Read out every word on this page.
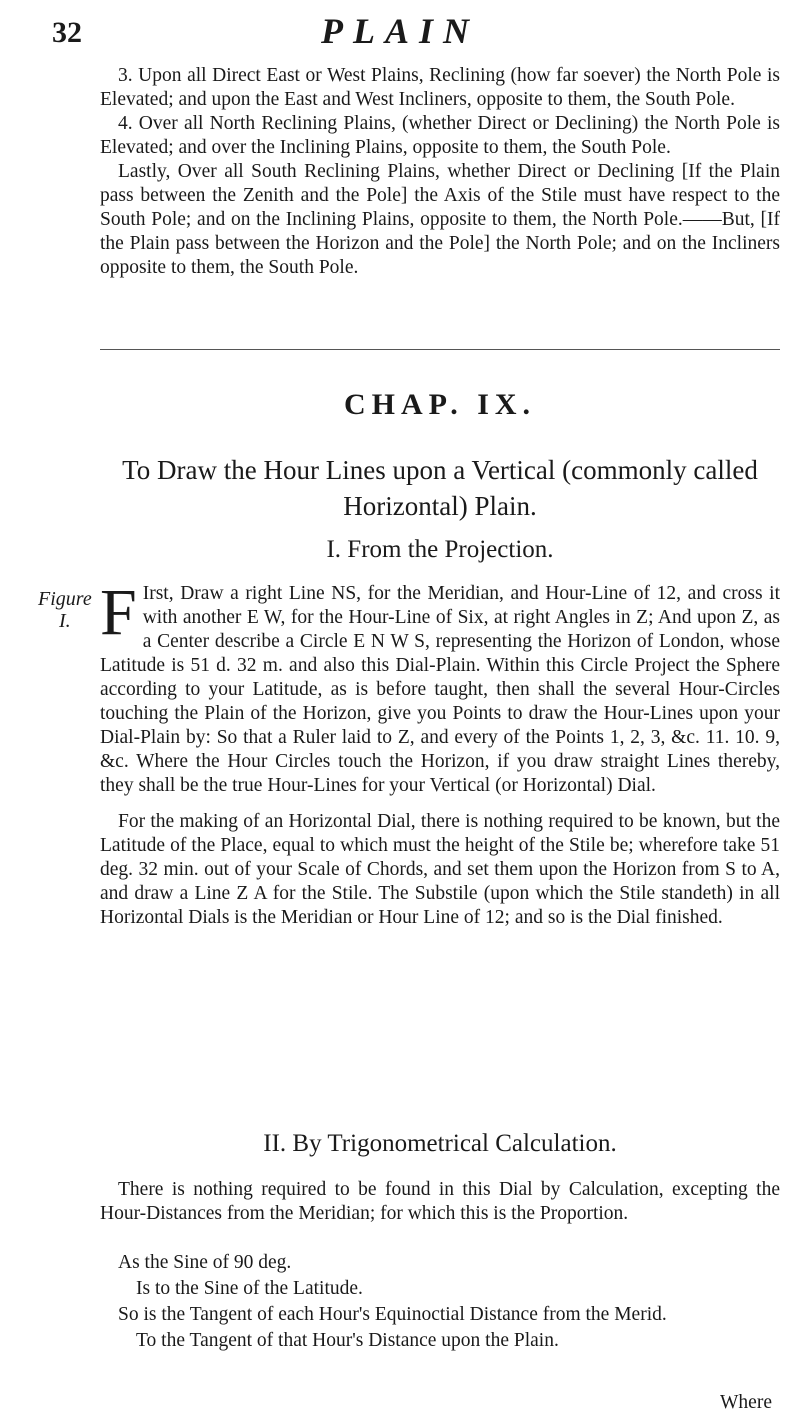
32	PLAIN

3. Upon all Direct East or West Plains, Reclining (how far soever) the North Pole is Elevated; and upon the East and West Incliners, opposite to them, the South Pole.

4. Over all North Reclining Plains, (whether Direct or Declining) the North Pole is Elevated; and over the Inclining Plains, opposite to them, the South Pole.

Lastly, Over all South Reclining Plains, whether Direct or Declining [If the Plain pass between the Zenith and the Pole] the Axis of the Stile must have respect to the South Pole; and on the Inclining Plains, opposite to them, the North Pole.——But, [If the Plain pass between the Horizon and the Pole] the North Pole; and on the Incliners opposite to them, the South Pole.

CHAP. IX.
To Draw the Hour Lines upon a Vertical (commonly called Horizontal) Plain.
I. From the Projection.
Figure
I. F Irst, Draw a right Line NS, for the Meridian, and Hour-Line of 12, and cross it with another E W, for the Hour-Line of Six, at right Angles in Z; And upon Z, as a Center describe a Circle E N W S, representing the Horizon of London, whose Latitude is 51 d. 32 m. and also this Dial-Plain. Within this Circle Project the Sphere according to your Latitude, as is before taught, then shall the several Hour-Circles touching the Plain of the Horizon, give you Points to draw the Hour-Lines upon your Dial-Plain by: So that a Ruler laid to Z, and every of the Points 1, 2, 3, &c. 11. 10. 9, &c. Where the Hour Circles touch the Horizon, if you draw straight Lines thereby, they shall be the true Hour-Lines for your Vertical (or Horizontal) Dial.

For the making of an Horizontal Dial, there is nothing required to be known, but the Latitude of the Place, equal to which must the height of the Stile be; wherefore take 51 deg. 32 min. out of your Scale of Chords, and set them upon the Horizon from S to A, and draw a Line Z A for the Stile. The Substile (upon which the Stile standeth) in all Horizontal Dials is the Meridian or Hour Line of 12; and so is the Dial finished.

II. By Trigonometrical Calculation.

There is nothing required to be found in this Dial by Calculation, excepting the Hour-Distances from the Meridian; for which this is the Proportion.

As the Sine of 90 deg.

Is to the Sine of the Latitude.

So is the Tangent of each Hour's Equinoctial Distance from the Merid.

To the Tangent of that Hour's Distance upon the Plain.

Where
